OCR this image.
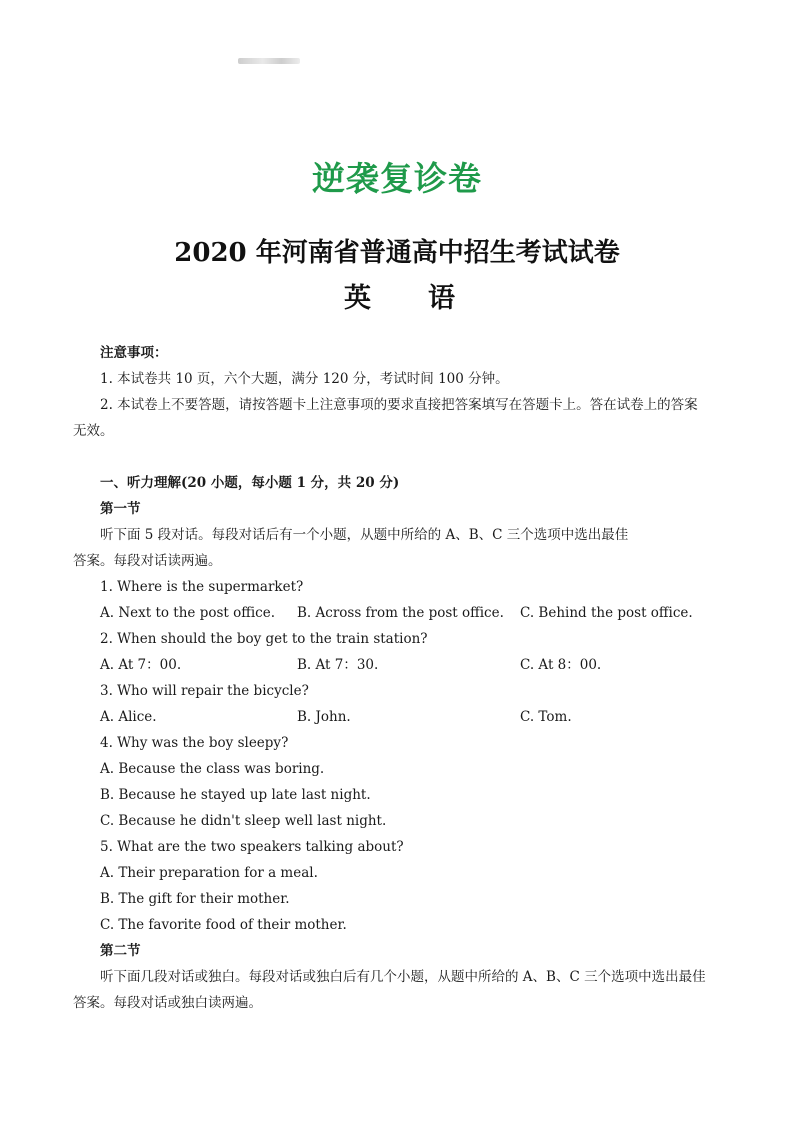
逆袭复诊卷
2020 年河南省普通高中招生考试试卷
英 语
注意事项：
1. 本试卷共 10 页，六个大题，满分 120 分，考试时间 100 分钟。
2. 本试卷上不要答题，请按答题卡上注意事项的要求直接把答案填写在答题卡上。答在试卷上的答案
无效。
一、听力理解(20 小题，每小题 1 分，共 20 分)
第一节
听下面 5 段对话。每段对话后有一个小题，从题中所给的 A、B、C 三个选项中选出最佳
答案。每段对话读两遍。
1. Where is the supermarket?
A. Next to the post office. B. Across from the post office. C. Behind the post office.
2. When should the boy get to the train station?
A. At 7：00.	B. At 7：30.	C. At 8：00.
3. Who will repair the bicycle?
A. Alice.	B. John.	C. Tom.
4. Why was the boy sleepy?
A. Because the class was boring.
B. Because he stayed up late last night.
C. Because he didn't sleep well last night.
5. What are the two speakers talking about?
A. Their preparation for a meal.
B. The gift for their mother.
C. The favorite food of their mother.
第二节
听下面几段对话或独白。每段对话或独白后有几个小题，从题中所给的 A、B、C 三个选项中选出最佳
答案。每段对话或独白读两遍。
